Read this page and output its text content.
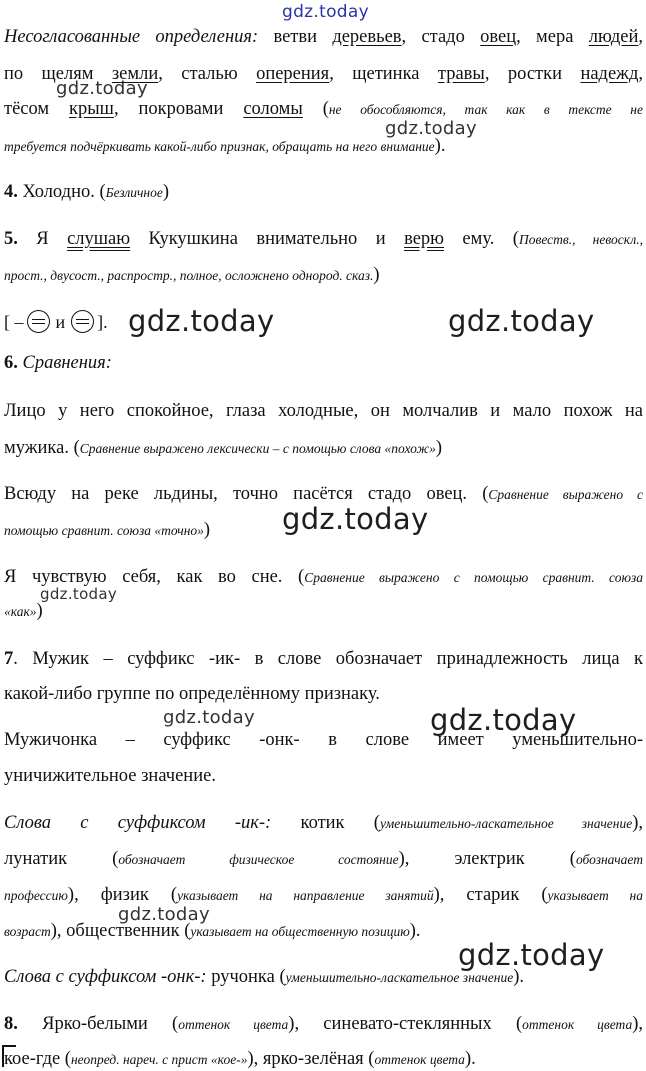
gdz.today
gdz.today
gdz.today
gdz.today	gdz.today
gdz.today
gdz.today
gdz.today	gdz.today
gdz.today
gdz.today
Несогласованные определения: ветви деревьев, стадо овец, мера людей,
по щелям земли, сталью оперения, щетинка травы, ростки надежд,
тёсом крыш, покровами соломы (не обособляются, так как в тексте не
требуется подчёркивать какой-либо признак, обращать на него внимание).
4. Холодно. (Безличное)
5. Я слушаю Кукушкина внимательно и верю ему. (Повеств., невоскл.,
прост., двусост., распростр., полное, осложнено однород. сказ.)
[ – и ].
6. Сравнения:
Лицо у него спокойное, глаза холодные, он молчалив и мало похож на
мужика. (Сравнение выражено лексически – с помощью слова «похож»)
Всюду на реке льдины, точно пасётся стадо овец. (Сравнение выражено с
помощью сравнит. союза «точно»)
Я чувствую себя, как во сне. (Сравнение выражено с помощью сравнит. союза
«как»)
7. Мужик – суффикс -ик- в слове обозначает принадлежность лица к
какой-либо группе по определённому признаку.
Мужичонка – суффикс -онк- в слове имеет уменьшительно-
уничижительное значение.
Слова с суффиксом -ик-: котик (уменьшительно-ласкательное значение),
лунатик (обозначает физическое состояние), электрик (обозначает
профессию), физик (указывает на направление занятий), старик (указывает на
возраст), общественник (указывает на общественную позицию).
Слова с суффиксом -онк-: ручонка (уменьшительно-ласкательное значение).
8. Ярко-белыми (оттенок цвета), синевато-стеклянных (оттенок цвета),
кое-где (неопред. нареч. с прист «кое-»), ярко-зелёная (оттенок цвета).
